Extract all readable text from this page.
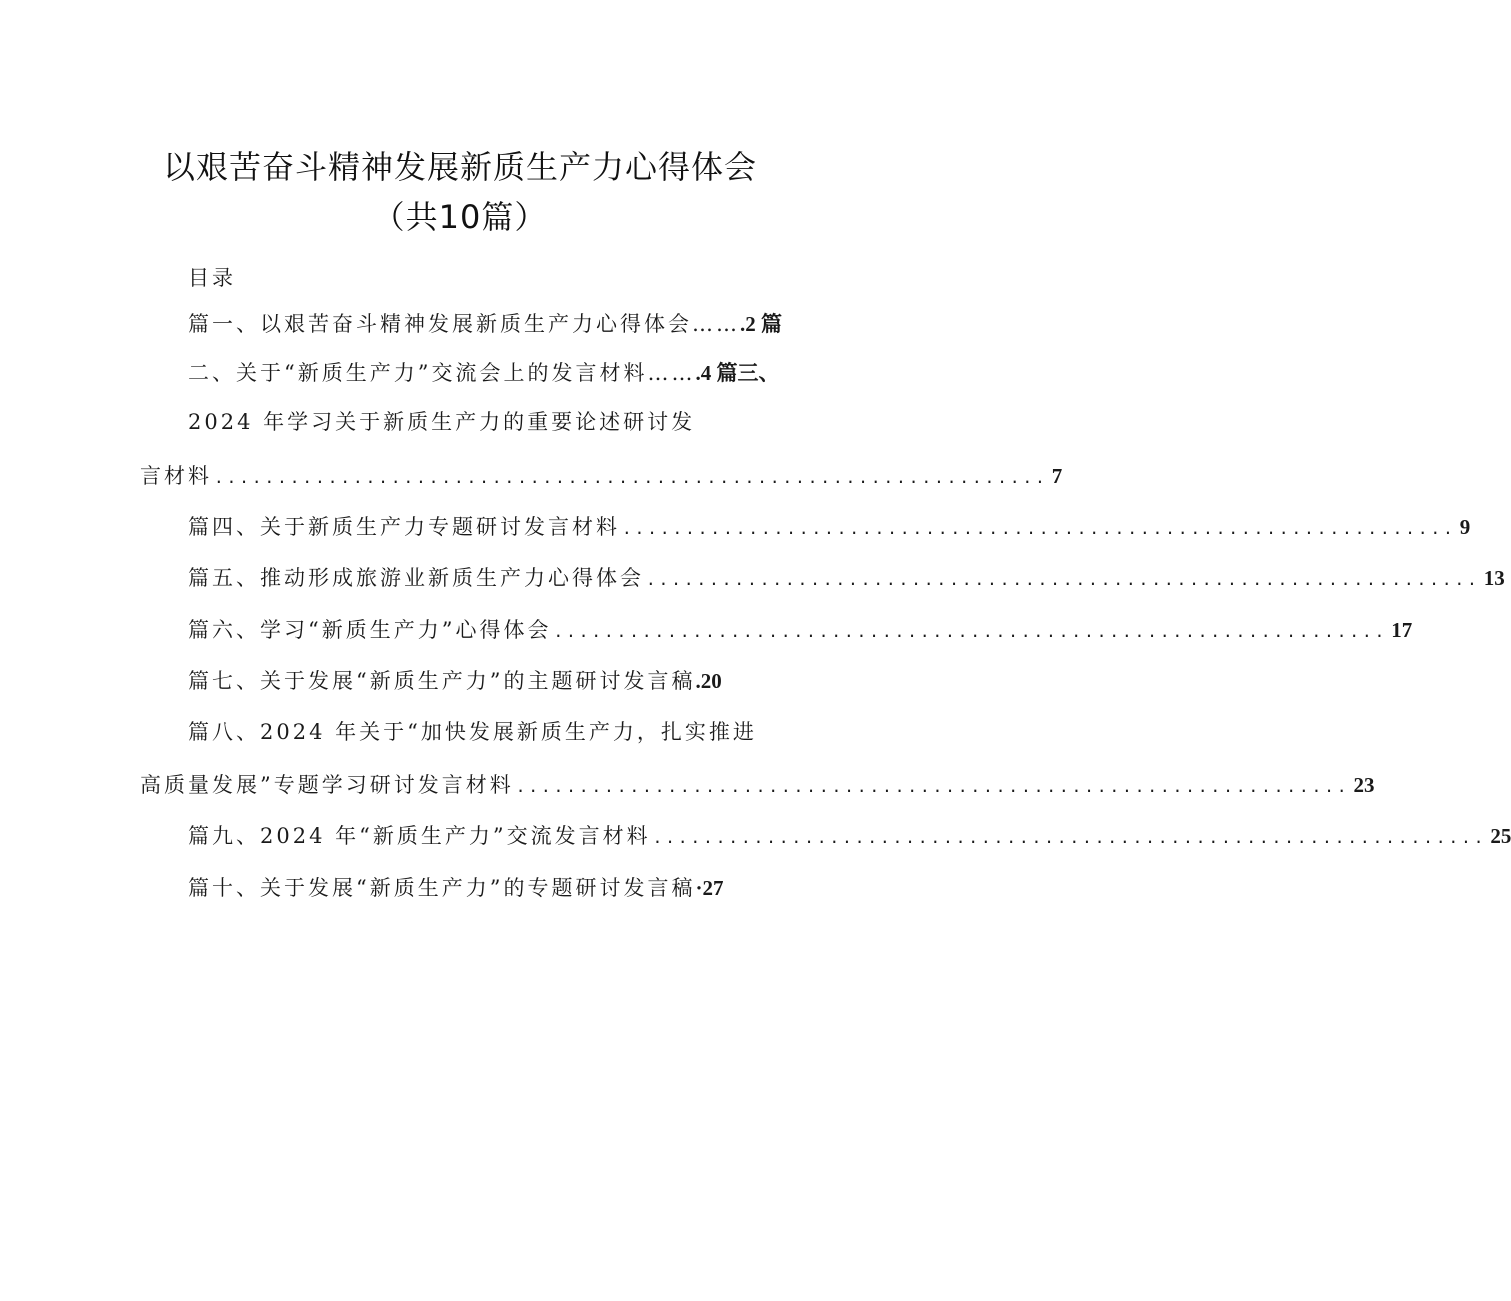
以艰苦奋斗精神发展新质生产力心得体会
（共10篇）
目录
篇一、以艰苦奋斗精神发展新质生产力心得体会…….2 篇
二、关于“新质生产力”交流会上的发言材料…….4 篇三、
2024 年学习关于新质生产力的重要论述研讨发
言材料 .................................................................. 7
篇四、关于新质生产力专题研讨发言材料 .................................................................. 9
篇五、推动形成旅游业新质生产力心得体会 .................................................................. 13
篇六、学习“新质生产力”心得体会 .................................................................. 17
篇七、关于发展“新质生产力”的主题研讨发言稿.20
篇八、2024 年关于“加快发展新质生产力，扎实推进
高质量发展”专题学习研讨发言材料 .................................................................. 23
篇九、2024 年“新质生产力”交流发言材料 .................................................................. 25
篇十、关于发展“新质生产力”的专题研讨发言稿·27
